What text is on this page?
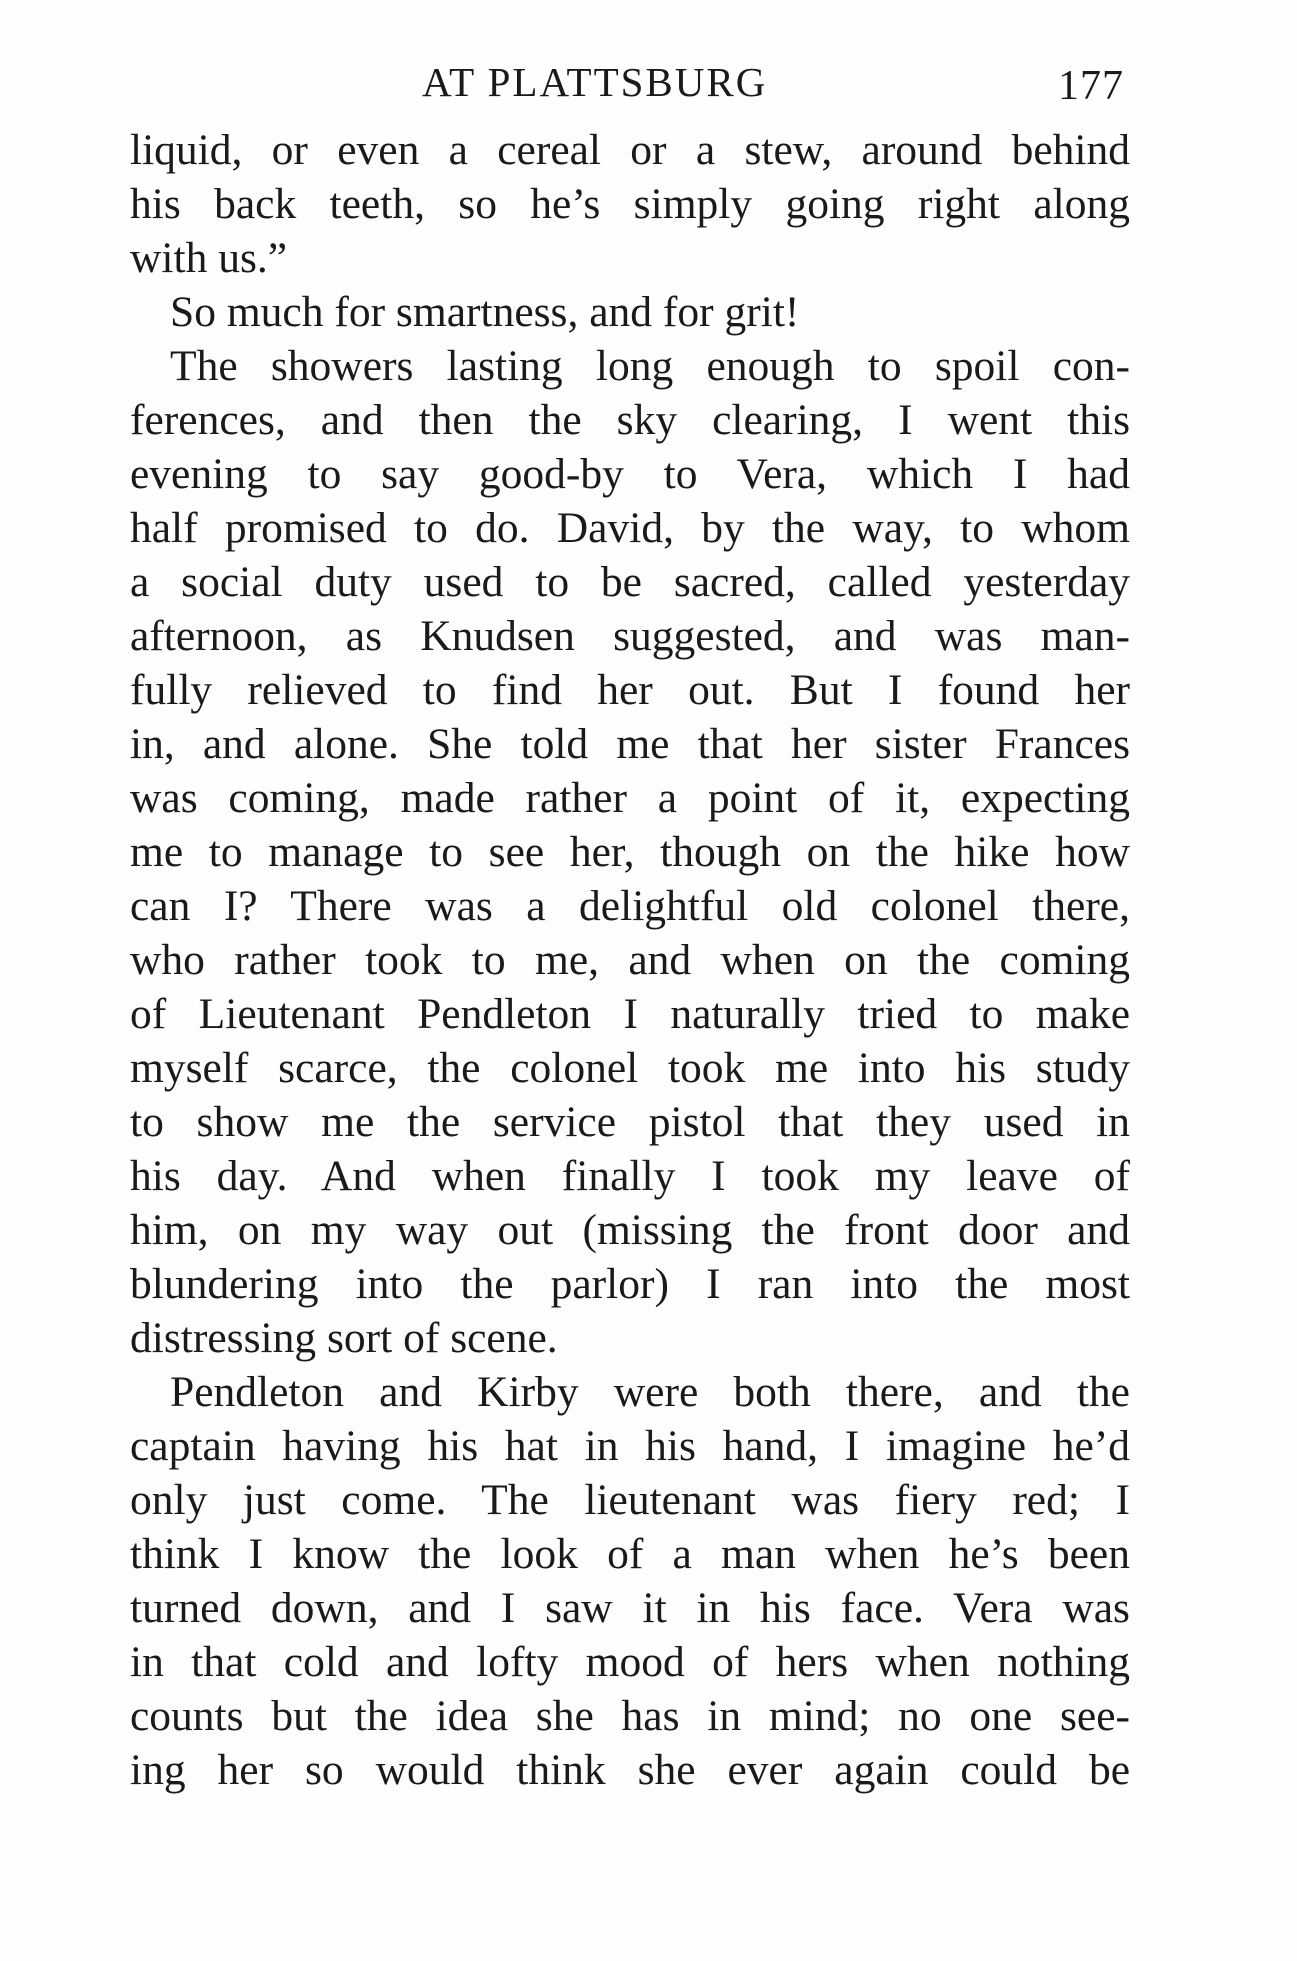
AT PLATTSBURG	177
liquid, or even a cereal or a stew, around behind
his back teeth, so he’s simply going right along
with us.”
So much for smartness, and for grit!
The showers lasting long enough to spoil con-
ferences, and then the sky clearing, I went this
evening to say good-by to Vera, which I had
half promised to do. David, by the way, to whom
a social duty used to be sacred, called yesterday
afternoon, as Knudsen suggested, and was man-
fully relieved to find her out. But I found her
in, and alone. She told me that her sister Frances
was coming, made rather a point of it, expecting
me to manage to see her, though on the hike how
can I? There was a delightful old colonel there,
who rather took to me, and when on the coming
of Lieutenant Pendleton I naturally tried to make
myself scarce, the colonel took me into his study
to show me the service pistol that they used in
his day. And when finally I took my leave of
him, on my way out (missing the front door and
blundering into the parlor) I ran into the most
distressing sort of scene.
Pendleton and Kirby were both there, and the
captain having his hat in his hand, I imagine he’d
only just come. The lieutenant was fiery red; I
think I know the look of a man when he’s been
turned down, and I saw it in his face. Vera was
in that cold and lofty mood of hers when nothing
counts but the idea she has in mind; no one see-
ing her so would think she ever again could be
